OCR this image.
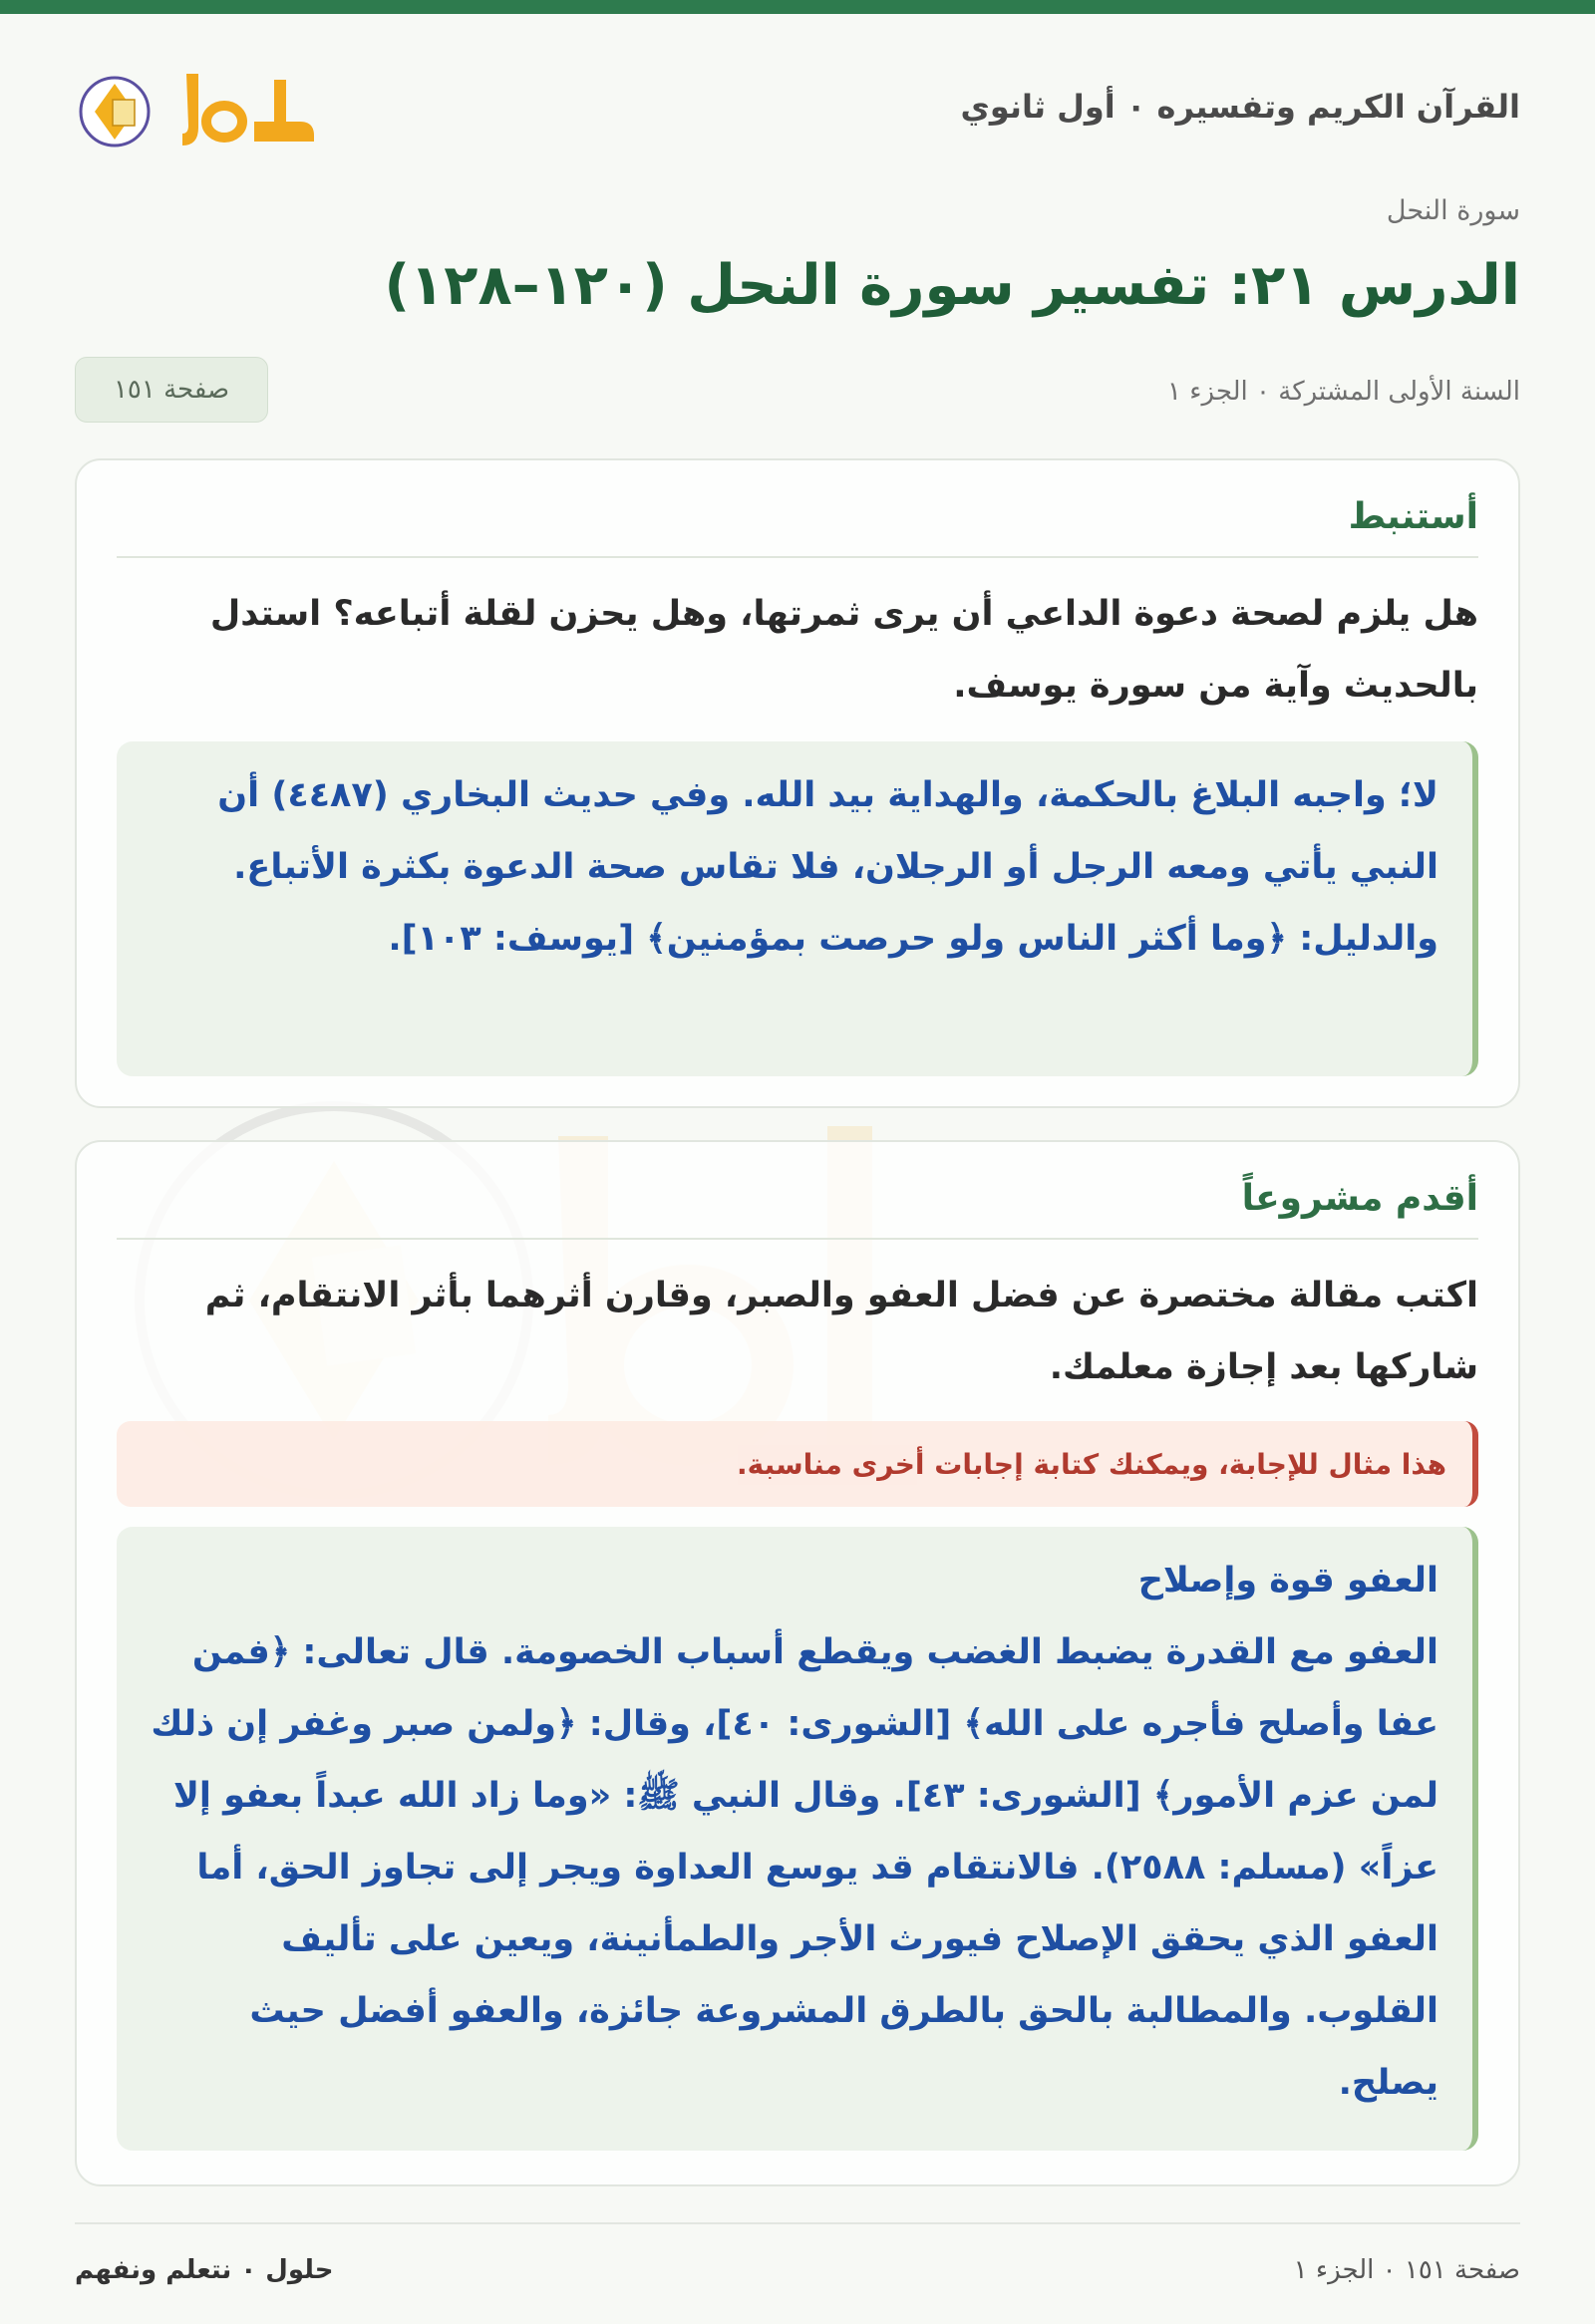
القرآن الكريم وتفسيره ٠ أول ثانوي
سورة النحل
الدرس ٢١: تفسير سورة النحل (١٢٠–١٢٨)
السنة الأولى المشتركة ٠ الجزء ١
صفحة ١٥١
أستنبط

هل يلزم لصحة دعوة الداعي أن يرى ثمرتها، وهل يحزن لقلة أتباعه؟ استدل بالحديث وآية من سورة يوسف.

لا؛ واجبه البلاغ بالحكمة، والهداية بيد الله. وفي حديث البخاري (٤٤٨٧) أن النبي يأتي ومعه الرجل أو الرجلان، فلا تقاس صحة الدعوة بكثرة الأتباع. والدليل: ﴿وما أكثر الناس ولو حرصت بمؤمنين﴾ [يوسف: ١٠٣].
أقدم مشروعاً

اكتب مقالة مختصرة عن فضل العفو والصبر، وقارن أثرهما بأثر الانتقام، ثم شاركها بعد إجازة معلمك.

هذا مثال للإجابة، ويمكنك كتابة إجابات أخرى مناسبة.
العفو قوة وإصلاح
العفو مع القدرة يضبط الغضب ويقطع أسباب الخصومة. قال تعالى: ﴿فمن عفا وأصلح فأجره على الله﴾ [الشورى: ٤٠]، وقال: ﴿ولمن صبر وغفر إن ذلك لمن عزم الأمور﴾ [الشورى: ٤٣]. وقال النبي ﷺ: «وما زاد الله عبداً بعفو إلا عزاً» (مسلم: ٢٥٨٨). فالانتقام قد يوسع العداوة ويجر إلى تجاوز الحق، أما العفو الذي يحقق الإصلاح فيورث الأجر والطمأنينة، ويعين على تأليف القلوب. والمطالبة بالحق بالطرق المشروعة جائزة، والعفو أفضل حيث يصلح.
صفحة ١٥١ ٠ الجزء ١
حلول ٠ نتعلم ونفهم
